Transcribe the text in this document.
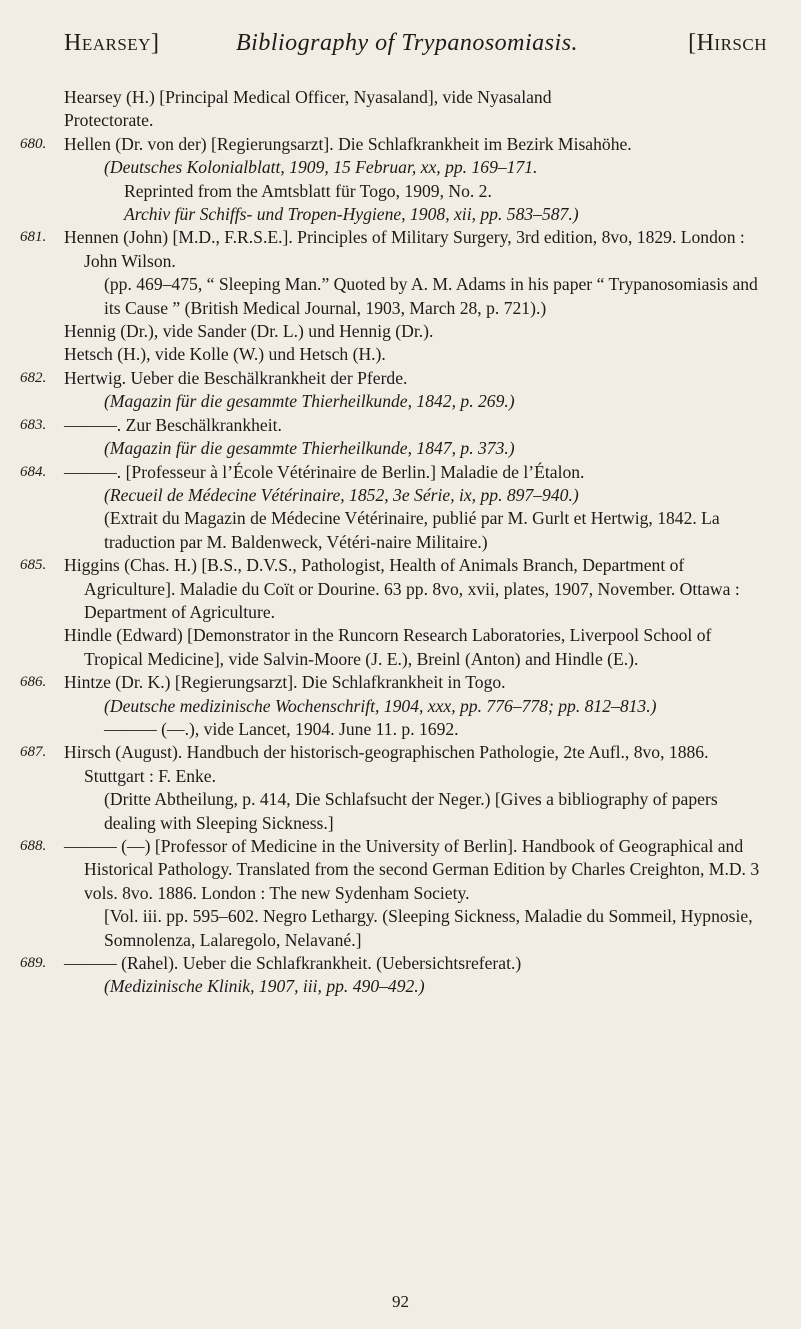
Hearsey]	Bibliography of Trypanosomiasis.	[Hirsch
Hearsey (H.) [Principal Medical Officer, Nyasaland], vide Nyasaland
Protectorate.
680. Hellen (Dr. von der) [Regierungsarzt]. Die Schlafkrankheit im Bezirk Misahöhe.
(Deutsches Kolonialblatt, 1909, 15 Februar, xx, pp. 169–171.
Reprinted from the Amtsblatt für Togo, 1909, No. 2.
Archiv für Schiffs- und Tropen-Hygiene, 1908, xii, pp. 583–587.)
681. Hennen (John) [M.D., F.R.S.E.]. Principles of Military Surgery, 3rd edition, 8vo, 1829. London : John Wilson.
(pp. 469–475, “ Sleeping Man.” Quoted by A. M. Adams in his paper “ Trypanosomiasis and its Cause ” (British Medical Journal, 1903, March 28, p. 721).)
Hennig (Dr.), vide Sander (Dr. L.) und Hennig (Dr.).
Hetsch (H.), vide Kolle (W.) und Hetsch (H.).
682. Hertwig. Ueber die Beschälkrankheit der Pferde.
(Magazin für die gesammte Thierheilkunde, 1842, p. 269.)
683. ———. Zur Beschälkrankheit.
(Magazin für die gesammte Thierheilkunde, 1847, p. 373.)
684. ———. [Professeur à l’École Vétérinaire de Berlin.] Maladie de l’Étalon.
(Recueil de Médecine Vétérinaire, 1852, 3e Série, ix, pp. 897–940.)
(Extrait du Magazin de Médecine Vétérinaire, publié par M. Gurlt et Hertwig, 1842. La traduction par M. Baldenweck, Vétéri-naire Militaire.)
685. Higgins (Chas. H.) [B.S., D.V.S., Pathologist, Health of Animals Branch, Department of Agriculture]. Maladie du Coït or Dourine. 63 pp. 8vo, xvii, plates, 1907, November. Ottawa : Department of Agriculture.
Hindle (Edward) [Demonstrator in the Runcorn Research Laboratories, Liverpool School of Tropical Medicine], vide Salvin-Moore (J. E.), Breinl (Anton) and Hindle (E.).
686. Hintze (Dr. K.) [Regierungsarzt]. Die Schlafkrankheit in Togo.
(Deutsche medizinische Wochenschrift, 1904, xxx, pp. 776–778; pp. 812–813.)
——— (—.), vide Lancet, 1904. June 11. p. 1692.
687. Hirsch (August). Handbuch der historisch-geographischen Pathologie, 2te Aufl., 8vo, 1886. Stuttgart : F. Enke.
(Dritte Abtheilung, p. 414, Die Schlafsucht der Neger.) [Gives a bibliography of papers dealing with Sleeping Sickness.]
688. ——— (—) [Professor of Medicine in the University of Berlin]. Handbook of Geographical and Historical Pathology. Translated from the second German Edition by Charles Creighton, M.D. 3 vols. 8vo. 1886. London : The new Sydenham Society.
[Vol. iii. pp. 595–602. Negro Lethargy. (Sleeping Sickness, Maladie du Sommeil, Hypnosie, Somnolenza, Lalaregolo, Nelavané.]
689. ——— (Rahel). Ueber die Schlafkrankheit. (Uebersichtsreferat.)
(Medizinische Klinik, 1907, iii, pp. 490–492.)
92
